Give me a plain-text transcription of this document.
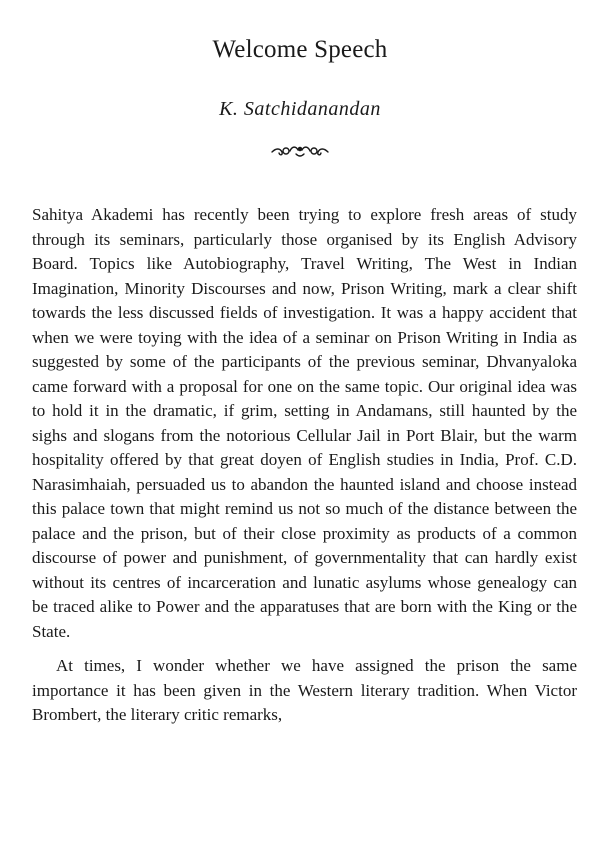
Welcome Speech
K. Satchidanandan

Sahitya Akademi has recently been trying to explore fresh areas of study through its seminars, particularly those organised by its English Advisory Board. Topics like Autobiography, Travel Writing, The West in Indian Imagination, Minority Discourses and now, Prison Writing, mark a clear shift towards the less discussed fields of investigation. It was a happy accident that when we were toying with the idea of a seminar on Prison Writing in India as suggested by some of the participants of the previous seminar, Dhvanyaloka came forward with a proposal for one on the same topic. Our original idea was to hold it in the dramatic, if grim, setting in Andamans, still haunted by the sighs and slogans from the notorious Cellular Jail in Port Blair, but the warm hospitality offered by that great doyen of English studies in India, Prof. C.D. Narasimhaiah, persuaded us to abandon the haunted island and choose instead this palace town that might remind us not so much of the distance between the palace and the prison, but of their close proximity as products of a common discourse of power and punishment, of governmentality that can hardly exist without its centres of incarceration and lunatic asylums whose genealogy can be traced alike to Power and the apparatuses that are born with the King or the State.

At times, I wonder whether we have assigned the prison the same importance it has been given in the Western literary tradition. When Victor Brombert, the literary critic remarks,
